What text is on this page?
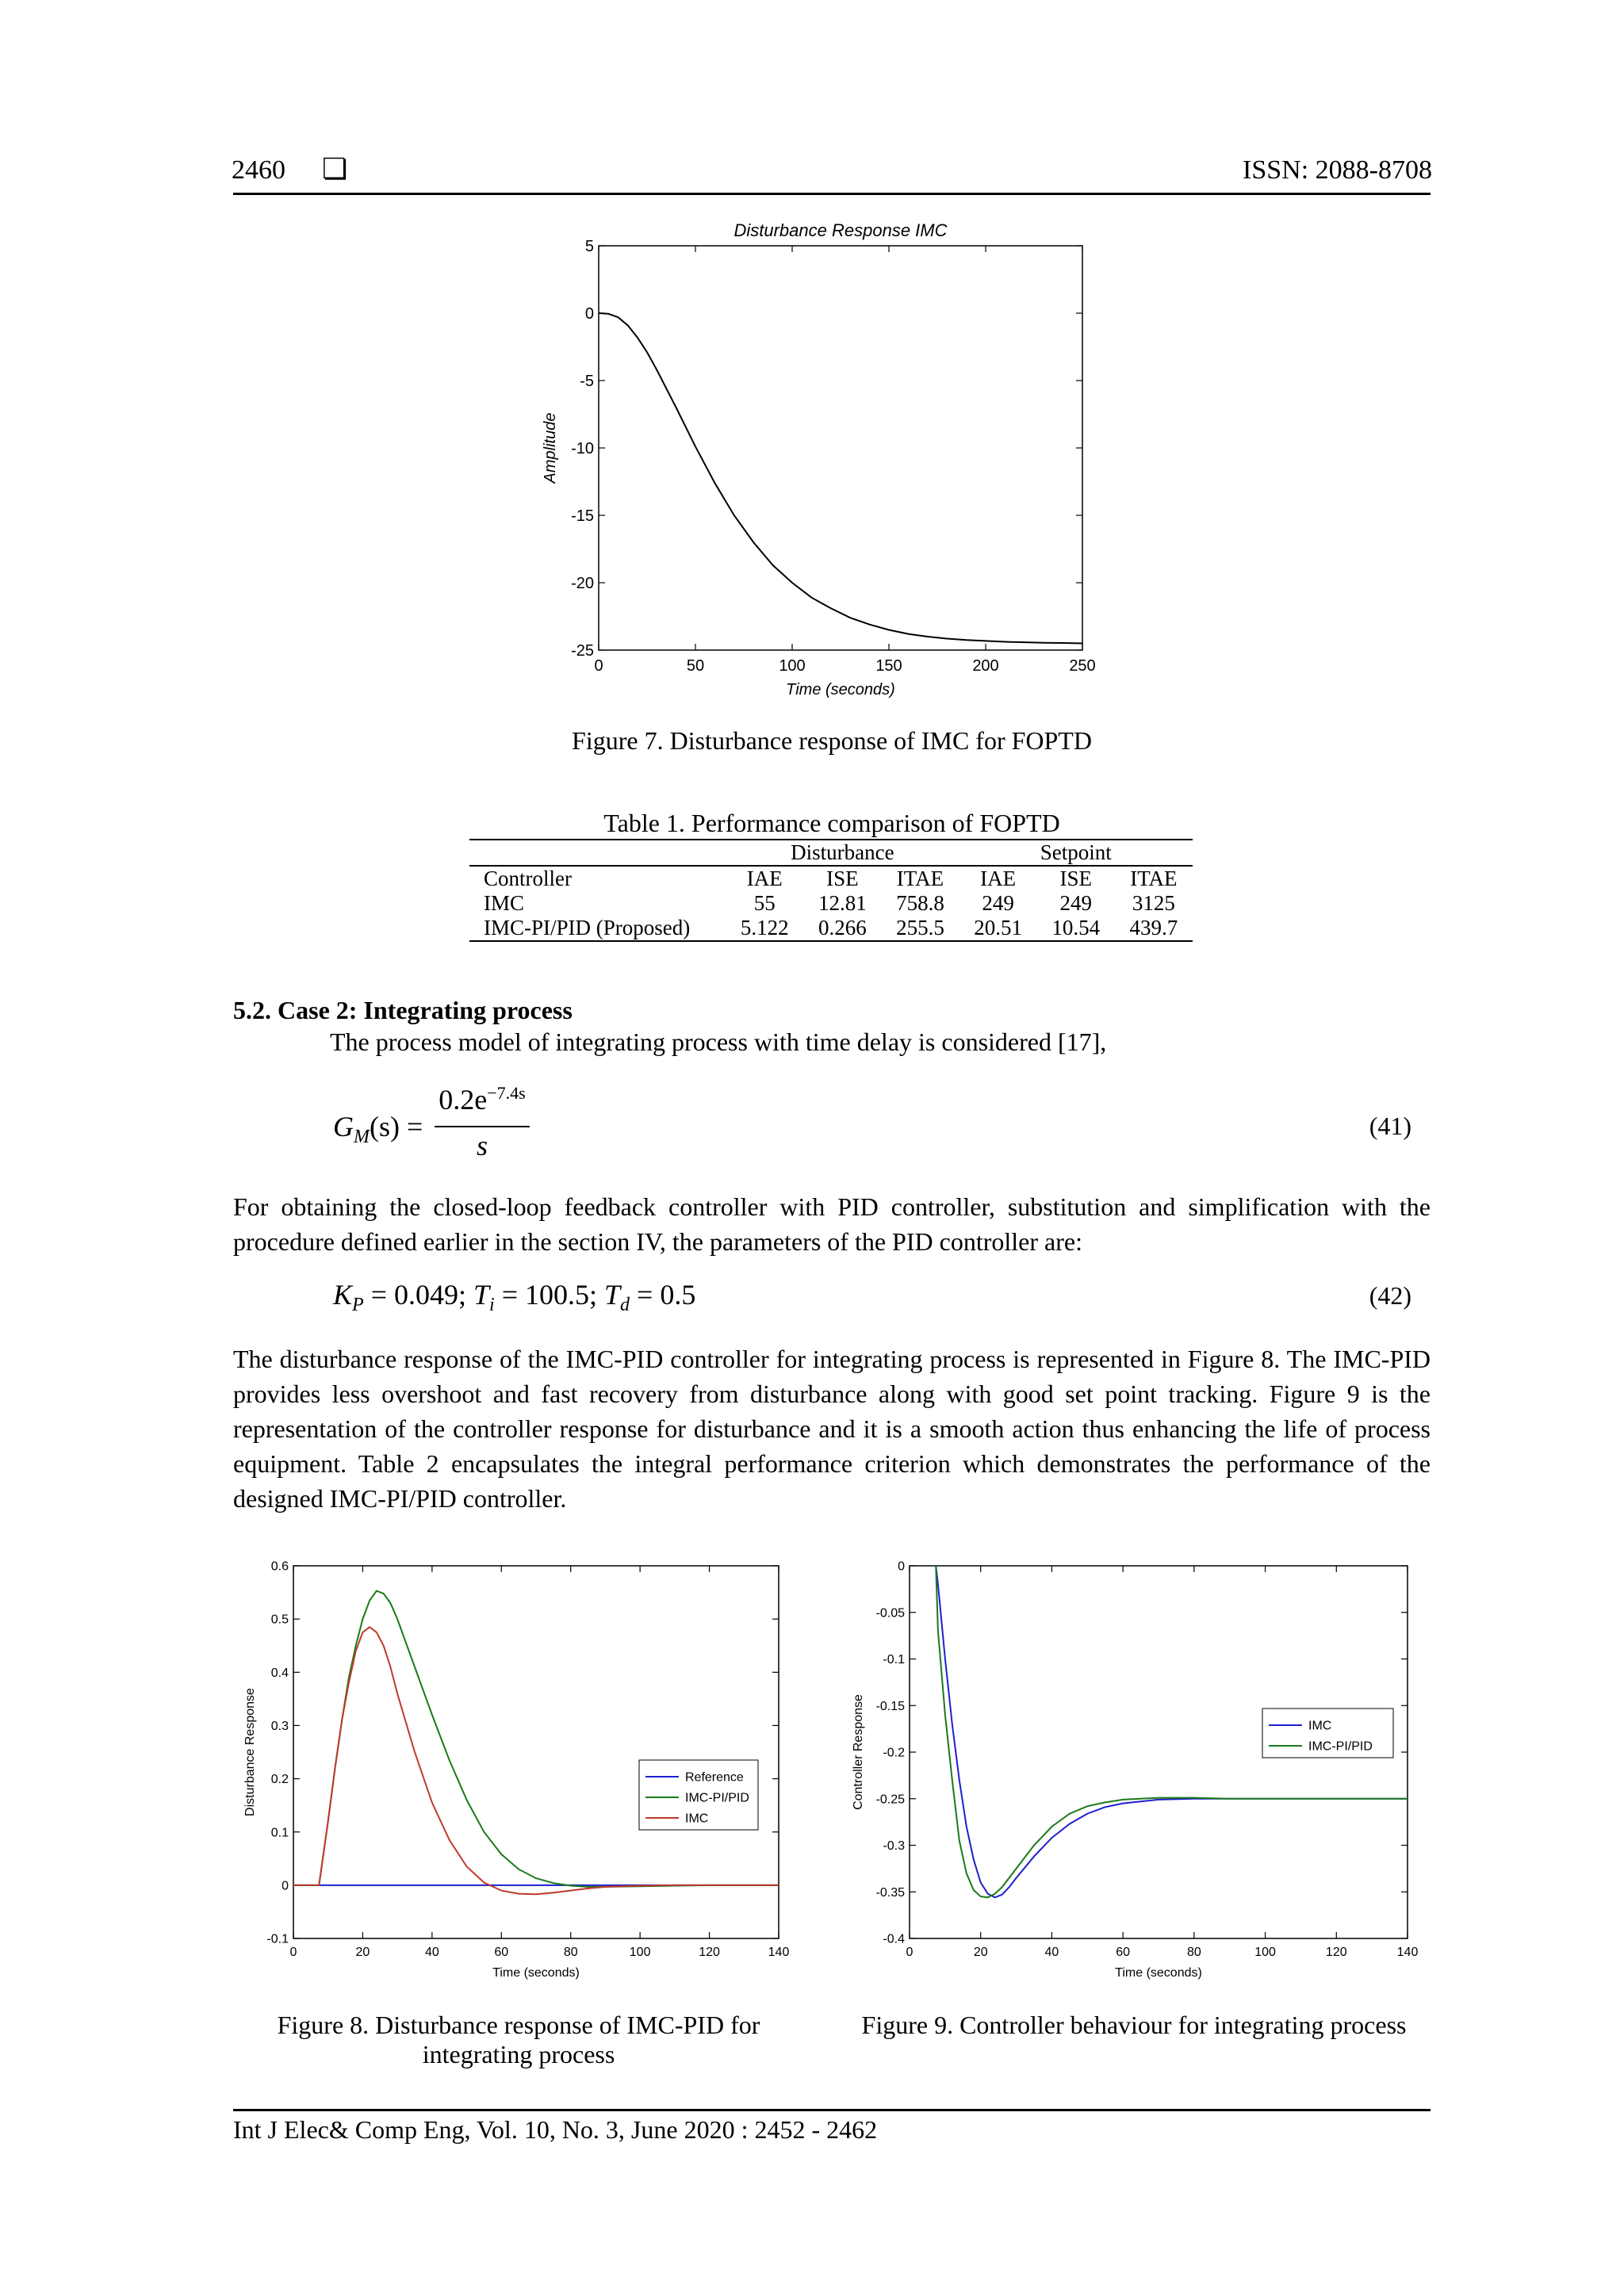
2460 ❏	ISSN: 2088-8708
0	50	100	150	200	250
5
0
-5
-10
-15
-20
-25
Disturbance Response IMC
Time (seconds)
Amplitude
Figure 7. Disturbance response of IMC for FOPTD
Table 1. Performance comparison of FOPTD
	Disturbance			Setpoint		
Controller	IAE	ISE	ITAE	IAE	ISE	ITAE
IMC	55	12.81	758.8	249	249	3125
IMC-PI/PID (Proposed)	5.122	0.266	255.5	20.51	10.54	439.7
5.2. Case 2: Integrating process
The process model of integrating process with time delay is considered [17],
$G_M(s)$ =
$0.2e^{-7.4s}$
s
(41)
For obtaining the closed-loop feedback controller with PID controller, substitution and simplification with the procedure defined earlier in the section IV, the parameters of the PID controller are:
$K_P = 0.049$; $T_i = 100.5$; $T_d = 0.5$	(42)
The disturbance response of the IMC-PID controller for integrating process is represented in Figure 8. The IMC-PID provides less overshoot and fast recovery from disturbance along with good set point tracking. Figure 9 is the representation of the controller response for disturbance and it is a smooth action thus enhancing the life of process equipment. Table 2 encapsulates the integral performance criterion which demonstrates the performance of the designed IMC-PI/PID controller.
0	20	40	60	80	100	120	140
0.6
0.5
0.4
0.3
0.2
0.1
0
-0.1
Time (seconds)
Disturbance Response	Reference
IMC-PI/PID
IMC
0	20	40	60	80	100	120	140
0
-0.05
-0.1
-0.15
-0.2
-0.25
-0.3
-0.35
-0.4
Time (seconds)
Controller Response	IMC
IMC-PI/PID
Figure 8. Disturbance response of IMC-PID for
integrating process
Figure 9. Controller behaviour for integrating process
Int J Elec& Comp Eng, Vol. 10, No. 3, June 2020 : 2452 - 2462
